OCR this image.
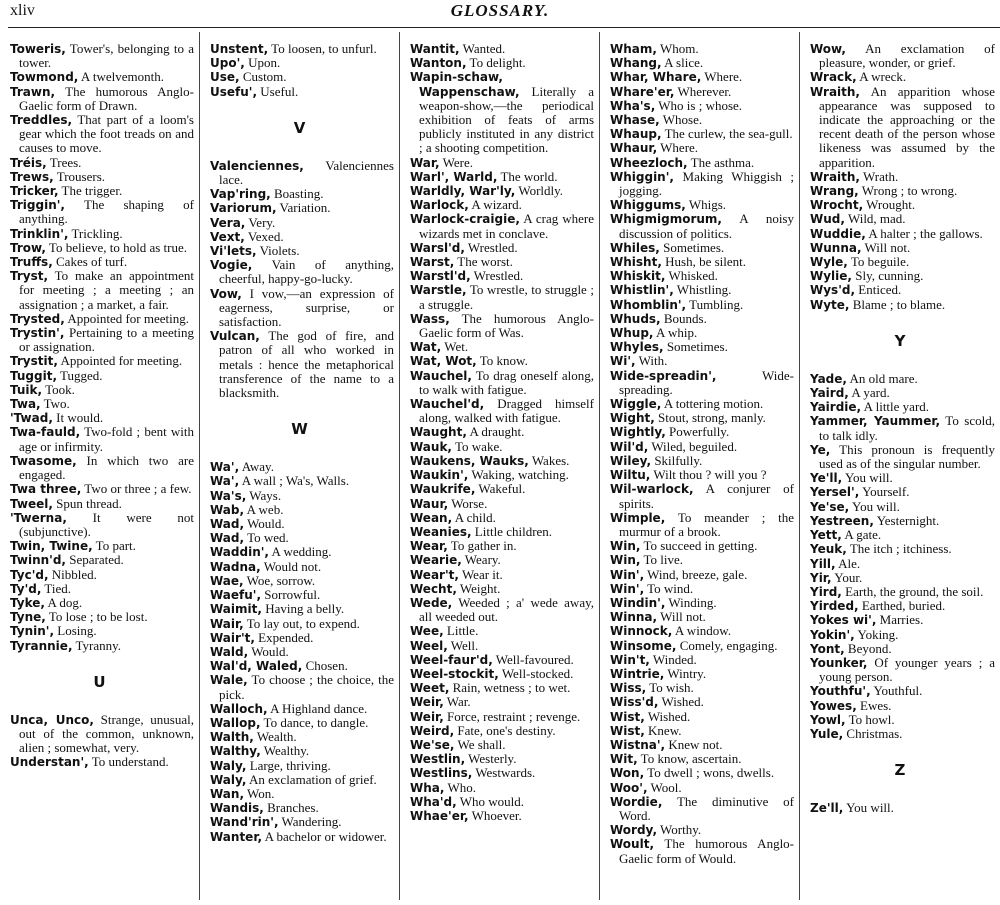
xliv	GLOSSARY.

Toweris, Tower's, belonging to a tower.

Towmond, A twelvemonth.

Trawn, The humorous Anglo-Gaelic form of Drawn.

Treddles, That part of a loom's gear which the foot treads on and causes to move.

Tréis, Trees.

Trews, Trousers.

Tricker, The trigger.

Triggin', The shaping of anything.

Trinklin', Trickling.

Trow, To believe, to hold as true.

Truffs, Cakes of turf.

Tryst, To make an appointment for meeting ; a meeting ; an assignation ; a market, a fair.

Trysted, Appointed for meeting.

Trystin', Pertaining to a meeting or assignation.

Trystit, Appointed for meeting.

Tuggit, Tugged.

Tuik, Took.

Twa, Two.

'Twad, It would.

Twa-fauld, Two-fold ; bent with age or infirmity.

Twasome, In which two are engaged.

Twa three, Two or three ; a few.

Tweel, Spun thread.

'Twerna, It were not (subjunctive).

Twin, Twine, To part.

Twinn'd, Separated.

Tyc'd, Nibbled.

Ty'd, Tied.

Tyke, A dog.

Tyne, To lose ; to be lost.

Tynin', Losing.

Tyrannie, Tyranny.

U

Unca, Unco, Strange, unusual, out of the common, unknown, alien ; somewhat, very.

Understan', To understand.

Unstent, To loosen, to unfurl.

Upo', Upon.

Use, Custom.

Usefu', Useful.

V

Valenciennes, Valenciennes lace.

Vap'ring, Boasting.

Variorum, Variation.

Vera, Very.

Vext, Vexed.

Vi'lets, Violets.

Vogie, Vain of anything, cheerful, happy-go-lucky.

Vow, I vow,—an expression of eagerness, surprise, or satisfaction.

Vulcan, The god of fire, and patron of all who worked in metals : hence the metaphorical transference of the name to a blacksmith.

W

Wa', Away.

Wa', A wall ; Wa's, Walls.

Wa's, Ways.

Wab, A web.

Wad, Would.

Wad, To wed.

Waddin', A wedding.

Wadna, Would not.

Wae, Woe, sorrow.

Waefu', Sorrowful.

Waimit, Having a belly.

Wair, To lay out, to expend.

Wair't, Expended.

Wald, Would.

Wal'd, Waled, Chosen.

Wale, To choose ; the choice, the pick.

Walloch, A Highland dance.

Wallop, To dance, to dangle.

Walth, Wealth.

Walthy, Wealthy.

Waly, Large, thriving.

Waly, An exclamation of grief.

Wan, Won.

Wandis, Branches.

Wand'rin', Wandering.

Wanter, A bachelor or widower.

Wantit, Wanted.

Wanton, To delight.

Wapin-schaw, Wappenschaw, Literally a weapon-show,—the periodical exhibition of feats of arms publicly instituted in any district ; a shooting competition.

War, Were.

Warl', Warld, The world.

Warldly, War'ly, Worldly.

Warlock, A wizard.

Warlock-craigie, A crag where wizards met in conclave.

Warsl'd, Wrestled.

Warst, The worst.

Warstl'd, Wrestled.

Warstle, To wrestle, to struggle ; a struggle.

Wass, The humorous Anglo-Gaelic form of Was.

Wat, Wet.

Wat, Wot, To know.

Wauchel, To drag oneself along, to walk with fatigue.

Wauchel'd, Dragged himself along, walked with fatigue.

Waught, A draught.

Wauk, To wake.

Waukens, Wauks, Wakes.

Waukin', Waking, watching.

Waukrife, Wakeful.

Waur, Worse.

Wean, A child.

Weanies, Little children.

Wear, To gather in.

Wearie, Weary.

Wear't, Wear it.

Wecht, Weight.

Wede, Weeded ; a' wede away, all weeded out.

Wee, Little.

Weel, Well.

Weel-faur'd, Well-favoured.

Weel-stockit, Well-stocked.

Weet, Rain, wetness ; to wet.

Weir, War.

Weir, Force, restraint ; revenge.

Weird, Fate, one's destiny.

We'se, We shall.

Westlin, Westerly.

Westlins, Westwards.

Wha, Who.

Wha'd, Who would.

Whae'er, Whoever.

Wham, Whom.

Whang, A slice.

Whar, Whare, Where.

Whare'er, Wherever.

Wha's, Who is ; whose.

Whase, Whose.

Whaup, The curlew, the sea-gull.

Whaur, Where.

Wheezloch, The asthma.

Whiggin', Making Whiggish ; jogging.

Whiggums, Whigs.

Whigmigmorum, A noisy discussion of politics.

Whiles, Sometimes.

Whisht, Hush, be silent.

Whiskit, Whisked.

Whistlin', Whistling.

Whomblin', Tumbling.

Whuds, Bounds.

Whup, A whip.

Whyles, Sometimes.

Wi', With.

Wide-spreadin',	Wide-spreading.

Wiggle, A tottering motion.

Wight, Stout, strong, manly.

Wightly, Powerfully.

Wil'd, Wiled, beguiled.

Wiley, Skilfully.

Wiltu, Wilt thou ? will you ?

Wil-warlock, A conjurer of spirits.

Wimple, To meander ; the murmur of a brook.

Win, To succeed in getting.

Win, To live.

Win', Wind, breeze, gale.

Win', To wind.

Windin', Winding.

Winna, Will not.

Winnock, A window.

Winsome, Comely, engaging.

Win't, Winded.

Wintrie, Wintry.

Wiss, To wish.

Wiss'd, Wished.

Wist, Wished.

Wist, Knew.

Wistna', Knew not.

Wit, To know, ascertain.

Won, To dwell ; wons, dwells.

Woo', Wool.

Wordie, The diminutive of Word.

Wordy, Worthy.

Woult, The humorous Anglo-Gaelic form of Would.

Wow, An exclamation of pleasure, wonder, or grief.

Wrack, A wreck.

Wraith, An apparition whose appearance was supposed to indicate the approaching or the recent death of the person whose likeness was assumed by the apparition.

Wraith, Wrath.

Wrang, Wrong ; to wrong.

Wrocht, Wrought.

Wud, Wild, mad.

Wuddie, A halter ; the gallows.

Wunna, Will not.

Wyle, To beguile.

Wylie, Sly, cunning.

Wys'd, Enticed.

Wyte, Blame ; to blame.

Y

Yade, An old mare.

Yaird, A yard.

Yairdie, A little yard.

Yammer, Yaummer, To scold, to talk idly.

Ye, This pronoun is frequently used as of the singular number.

Ye'll, You will.

Yersel', Yourself.

Ye'se, You will.

Yestreen, Yesternight.

Yett, A gate.

Yeuk, The itch ; itchiness.

Yill, Ale.

Yir, Your.

Yird, Earth, the ground, the soil.

Yirded, Earthed, buried.

Yokes wi', Marries.

Yokin', Yoking.

Yont, Beyond.

Younker, Of younger years ; a young person.

Youthfu', Youthful.

Yowes, Ewes.

Yowl, To howl.

Yule, Christmas.

Z

Ze'll, You will.
